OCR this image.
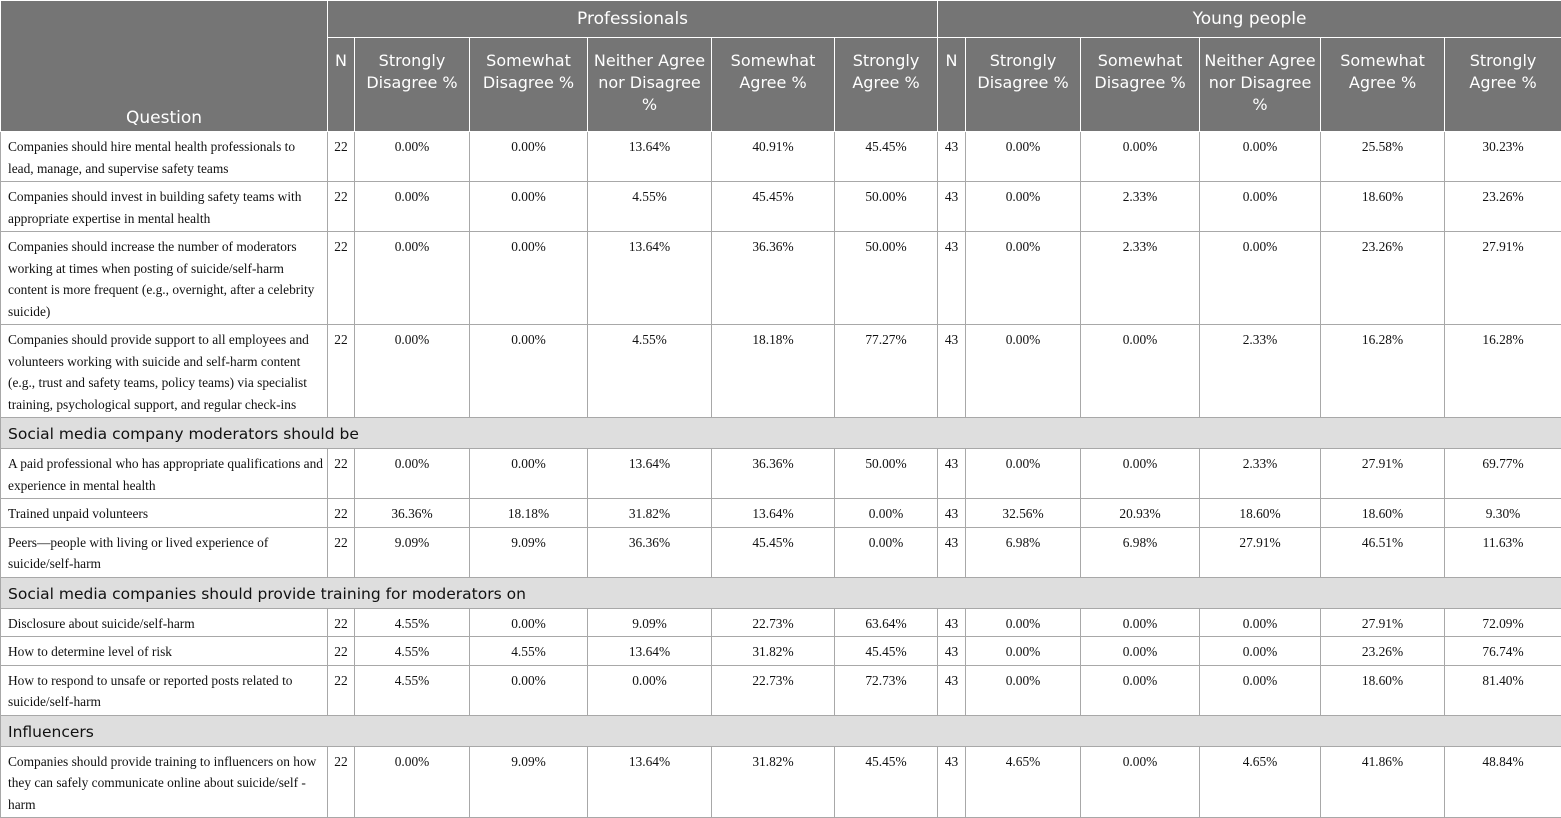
Question	Professionals						Young people					
	N	Strongly Disagree %	Somewhat Disagree %	Neither Agree nor Disagree %	Somewhat Agree %	Strongly Agree %	N	Strongly Disagree %	Somewhat Disagree %	Neither Agree nor Disagree %	Somewhat Agree %	Strongly Agree %
Companies should hire mental health professionals to lead, manage, and supervise safety teams	22	0.00%	0.00%	13.64%	40.91%	45.45%	43	0.00%	0.00%	0.00%	25.58%	30.23%
Companies should invest in building safety teams with appropriate expertise in mental health	22	0.00%	0.00%	4.55%	45.45%	50.00%	43	0.00%	2.33%	0.00%	18.60%	23.26%
Companies should increase the number of moderators working at times when posting of suicide/self-harm content is more frequent (e.g., overnight, after a celebrity suicide)	22	0.00%	0.00%	13.64%	36.36%	50.00%	43	0.00%	2.33%	0.00%	23.26%	27.91%
Companies should provide support to all employees and volunteers working with suicide and self-harm content (e.g., trust and safety teams, policy teams) via specialist training, psychological support, and regular check-ins	22	0.00%	0.00%	4.55%	18.18%	77.27%	43	0.00%	0.00%	2.33%	16.28%	16.28%
Social media company moderators should be												
A paid professional who has appropriate qualifications and experience in mental health	22	0.00%	0.00%	13.64%	36.36%	50.00%	43	0.00%	0.00%	2.33%	27.91%	69.77%
Trained unpaid volunteers	22	36.36%	18.18%	31.82%	13.64%	0.00%	43	32.56%	20.93%	18.60%	18.60%	9.30%
Peers—people with living or lived experience of suicide/self-harm	22	9.09%	9.09%	36.36%	45.45%	0.00%	43	6.98%	6.98%	27.91%	46.51%	11.63%
Social media companies should provide training for moderators on												
Disclosure about suicide/self-harm	22	4.55%	0.00%	9.09%	22.73%	63.64%	43	0.00%	0.00%	0.00%	27.91%	72.09%
How to determine level of risk	22	4.55%	4.55%	13.64%	31.82%	45.45%	43	0.00%	0.00%	0.00%	23.26%	76.74%
How to respond to unsafe or reported posts related to suicide/self-harm	22	4.55%	0.00%	0.00%	22.73%	72.73%	43	0.00%	0.00%	0.00%	18.60%	81.40%
Influencers												
Companies should provide training to influencers on how they can safely communicate online about suicide/self -harm	22	0.00%	9.09%	13.64%	31.82%	45.45%	43	4.65%	0.00%	4.65%	41.86%	48.84%
